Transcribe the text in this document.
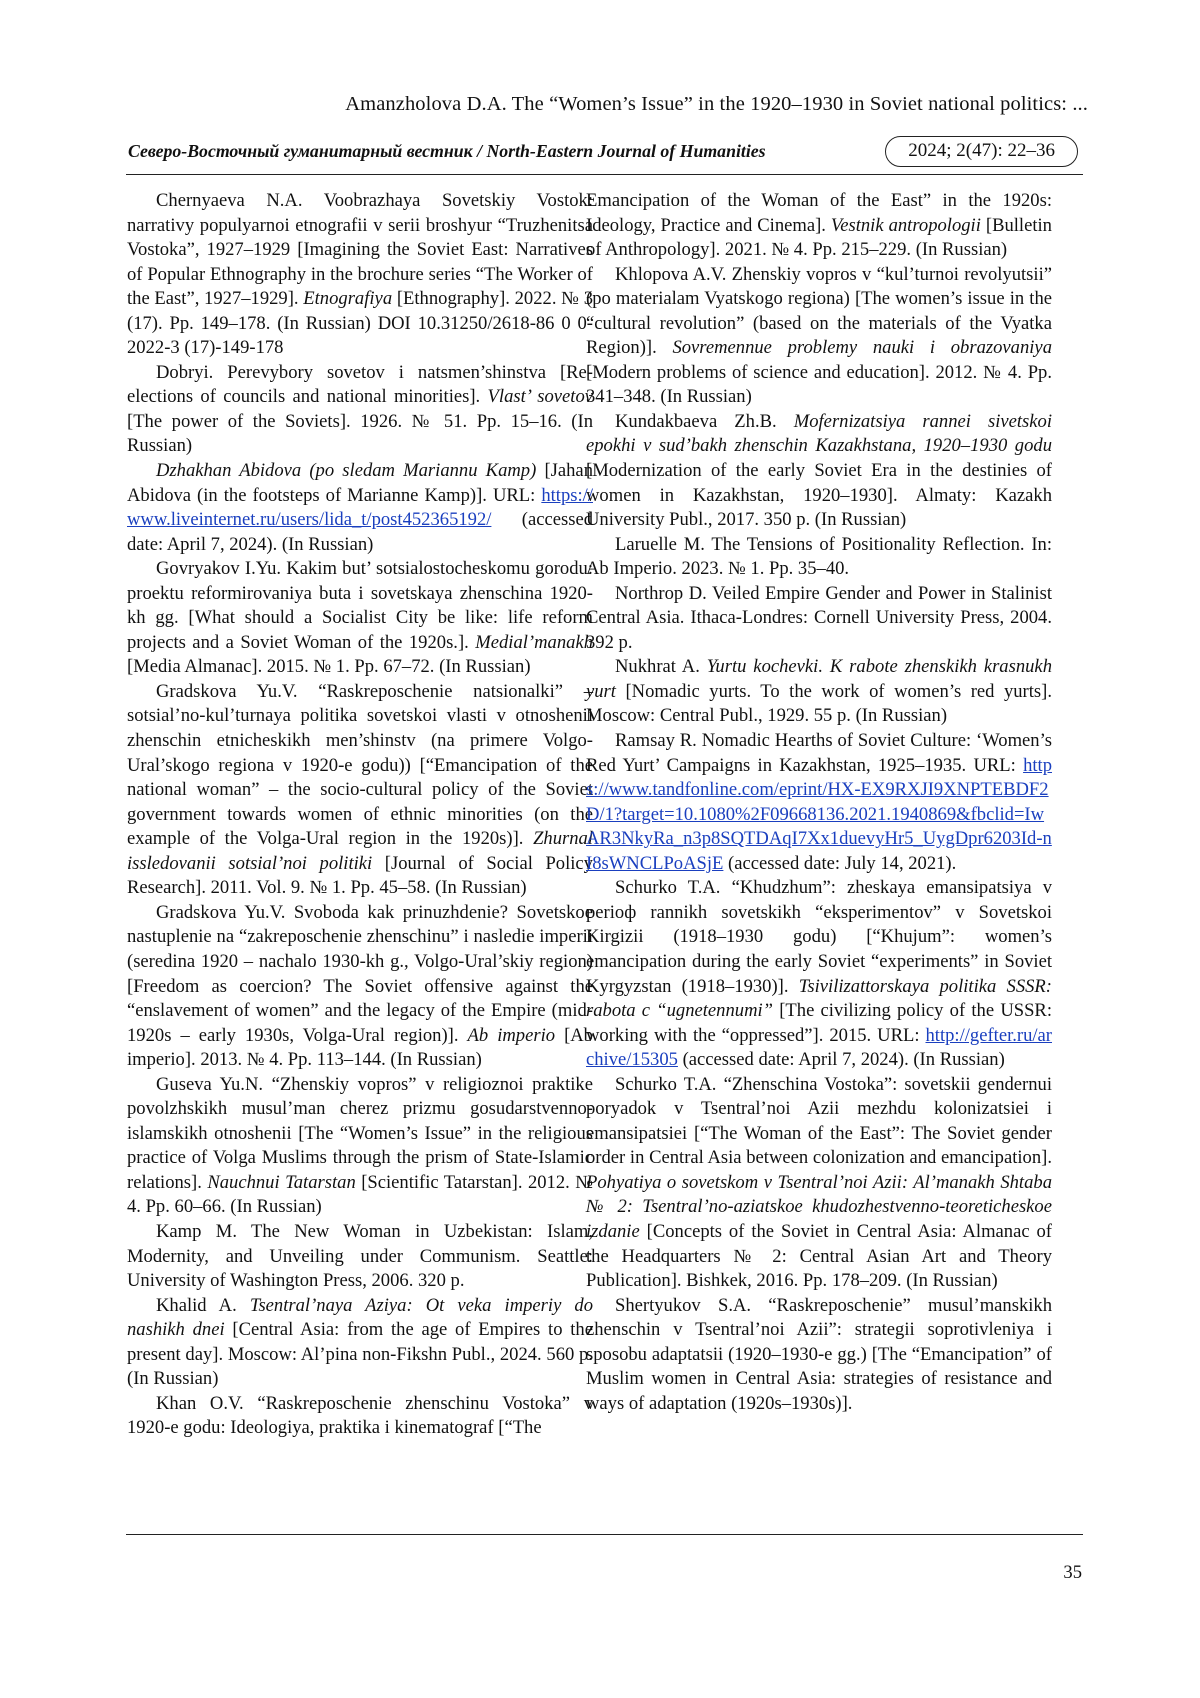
Amanzholova D.A. The “Women’s Issue” in the 1920–1930 in Soviet national politics: ...
Северо-Восточный гуманитарный вестник / North-Eastern Journal of Humanities	2024; 2(47): 22–36

Chernyaeva N.A. Voobrazhaya Sovetskiy Vostok: narrativy populyarnoi etnografii v serii broshyur “Truzhenitsa Vostoka”, 1927–1929 [Imagining the Soviet East: Narratives of Popular Ethnography in the brochure series “The Worker of the East”, 1927–1929]. Etnografiya [Ethnography]. 2022. № 3 (17). Pp. 149–178. (In Russian) DOI 10.31250/2618-86 0 0-2022-3 (17)-149-178

Dobryi. Perevybory sovetov i natsmen’shinstva [Re-elections of councils and national minorities]. Vlast’ sovetov [The power of the Soviets]. 1926. № 51. Pp. 15–16. (In Russian)

Dzhakhan Abidova (po sledam Mariannu Kamp) [Jahan Abidova (in the footsteps of Marianne Kamp)]. URL: https://www.liveinternet.ru/users/lida_t/post452365192/ (accessed date: April 7, 2024). (In Russian)

Govryakov I.Yu. Kakim but’ sotsialostocheskomu gorodu: proektu reformirovaniya buta i sovetskaya zhenschina 1920-kh gg. [What should a Socialist City be like: life reform projects and a Soviet Woman of the 1920s.]. Medial’manakh [Media Almanac]. 2015. № 1. Pp. 67–72. (In Russian)

Gradskova Yu.V. “Raskreposchenie natsionalki” – sotsial’no-kul’turnaya politika sovetskoi vlasti v otnoshenii zhenschin etnicheskikh men’shinstv (na primere Volgo-Ural’skogo regiona v 1920-e godu)) [“Emancipation of the national woman” – the socio-cultural policy of the Soviet government towards women of ethnic minorities (on the example of the Volga-Ural region in the 1920s)]. Zhurnal issledovanii sotsial’noi politiki [Journal of Social Policy Research]. 2011. Vol. 9. № 1. Pp. 45–58. (In Russian)

Gradskova Yu.V. Svoboda kak prinuzhdenie? Sovetskoe nastuplenie na “zakreposchenie zhenschinu” i nasledie imperii (seredina 1920 – nachalo 1930-kh g., Volgo-Ural’skiy region) [Freedom as coercion? The Soviet offensive against the “enslavement of women” and the legacy of the Empire (mid-1920s – early 1930s, Volga-Ural region)]. Ab imperio [Ab imperio]. 2013. № 4. Pp. 113–144. (In Russian)

Guseva Yu.N. “Zhenskiy vopros” v religioznoi praktike povolzhskikh musul’man cherez prizmu gosudarstvenno-islamskikh otnoshenii [The “Women’s Issue” in the religious practice of Volga Muslims through the prism of State-Islamic relations]. Nauchnui Tatarstan [Scientific Tatarstan]. 2012. № 4. Pp. 60–66. (In Russian)

Kamp M. The New Woman in Uzbekistan: Islam, Modernity, and Unveiling under Communism. Seattle: University of Washington Press, 2006. 320 p.

Khalid A. Tsentral’naya Aziya: Ot veka imperiy do nashikh dnei [Central Asia: from the age of Empires to the present day]. Moscow: Al’pina non-Fikshn Publ., 2024. 560 p. (In Russian)

Khan O.V. “Raskreposchenie zhenschinu Vostoka” v 1920-e godu: Ideologiya, praktika i kinematograf [“The

Emancipation of the Woman of the East” in the 1920s: Ideology, Practice and Cinema]. Vestnik antropologii [Bulletin of Anthropology]. 2021. № 4. Pp. 215–229. (In Russian)

Khlopova A.V. Zhenskiy vopros v “kul’turnoi revolyutsii” (po materialam Vyatskogo regiona) [The women’s issue in the “cultural revolution” (based on the materials of the Vyatka Region)]. Sovremennue problemy nauki i obrazovaniya [Modern problems of science and education]. 2012. № 4. Pp. 341–348. (In Russian)

Kundakbaeva Zh.B. Mofernizatsiya rannei sivetskoi epokhi v sud’bakh zhenschin Kazakhstana, 1920–1930 godu [Modernization of the early Soviet Era in the destinies of women in Kazakhstan, 1920–1930]. Almaty: Kazakh University Publ., 2017. 350 p. (In Russian)

Laruelle M. The Tensions of Positionality Reflection. In: Ab Imperio. 2023. № 1. Pp. 35–40.

Northrop D. Veiled Empire Gender and Power in Stalinist Central Asia. Ithaca-Londres: Cornell University Press, 2004. 392 p.

Nukhrat A. Yurtu kochevki. K rabote zhenskikh krasnukh yurt [Nomadic yurts. To the work of women’s red yurts]. Moscow: Central Publ., 1929. 55 p. (In Russian)

Ramsay R. Nomadic Hearths of Soviet Culture: ‘Women’s Red Yurt’ Campaigns in Kazakhstan, 1925–1935. URL: https://www.tandfonline.com/eprint/HX-EX9RXJI9XNPTEBDF2D/1?target=10.1080%2F09668136.2021.1940869&fbclid=IwAR3NkyRa_n3p8SQTDAqI7Xx1duevyHr5_UygDpr6203Id-nI8sWNCLPoASjE (accessed date: July 14, 2021).

Schurko T.A. “Khudzhum”: zheskaya emansipatsiya v perioф rannikh sovetskikh “eksperimentov” v Sovetskoi Kirgizii (1918–1930 godu) [“Khujum”: women’s emancipation during the early Soviet “experiments” in Soviet Kyrgyzstan (1918–1930)]. Tsivilizattorskaya politika SSSR: rabota c “ugnetennumi” [The civilizing policy of the USSR: working with the “oppressed”]. 2015. URL: http://gefter.ru/archive/15305 (accessed date: April 7, 2024). (In Russian)

Schurko T.A. “Zhenschina Vostoka”: sovetskii gendernui poryadok v Tsentral’noi Azii mezhdu kolonizatsiei i emansipatsiei [“The Woman of the East”: The Soviet gender order in Central Asia between colonization and emancipation]. Pohyatiya o sovetskom v Tsentral’noi Azii: Al’manakh Shtaba № 2: Tsentral’no-aziatskoe khudozhestvenno-teoreticheskoe izdanie [Concepts of the Soviet in Central Asia: Almanac of the Headquarters № 2: Central Asian Art and Theory Publication]. Bishkek, 2016. Pp. 178–209. (In Russian)

Shertyukov S.A. “Raskreposchenie” musul’manskikh zhenschin v Tsentral’noi Azii”: strategii soprotivleniya i sposobu adaptatsii (1920–1930-e gg.) [The “Emancipation” of Muslim women in Central Asia: strategies of resistance and ways of adaptation (1920s–1930s)].

35
